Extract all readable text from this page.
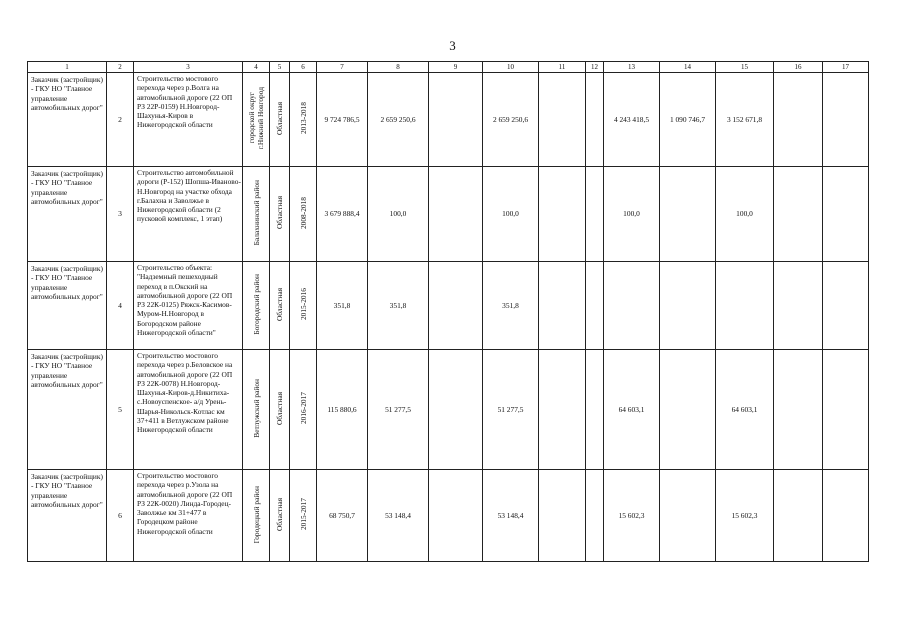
3
1	2	3	4	5	6	7	8	9	10	11	12	13	14	15	16	17
Заказчик (застройщик) - ГКУ НО "Главное управление автомобильных дорог"	2	Строительство мостового перехода через р.Волга на автомобильной дороге (22 ОП РЗ 22Р-0159) Н.Новгород-Шахунья-Киров в Нижегородской области	городской округ г.Нижний Новгород	Областная	2013-2018	9 724 786,5	2 659 250,6		2 659 250,6			4 243 418,5	1 090 746,7	3 152 671,8		
Заказчик (застройщик) - ГКУ НО "Главное управление автомобильных дорог"	3	Строительство автомобильной дороги (Р-152) Шопша-Иваново-Н.Новгород на участке обхода г.Балахна и Заволжье в Нижегородской области (2 пусковой комплекс, 1 этап)	Балахнинский район	Областная	2008-2018	3 679 888,4	100,0		100,0			100,0		100,0		
Заказчик (застройщик) - ГКУ НО "Главное управление автомобильных дорог"	4	Строительство объекта: "Надземный пешеходный переход в п.Окский на автомобильной дороге (22 ОП РЗ 22К-0125) Ряжск-Касимов-Муром-Н.Новгород в Богородском районе Нижегородской области"	Богородский район	Областная	2015-2016	351,8	351,8		351,8							
Заказчик (застройщик) - ГКУ НО "Главное управление автомобильных дорог"	5	Строительство мостового перехода через р.Беловское на автомобильной дороге (22 ОП РЗ 22К-0078) Н.Новгород-Шахунья-Киров-д.Никитиха-с.Новоуспенское- а/д Урень-Шарья-Никольск-Котлас км 37+411 в Ветлужском районе Нижегородской области	Ветлужский район	Областная	2016-2017	115 880,6	51 277,5		51 277,5			64 603,1		64 603,1		
Заказчик (застройщик) - ГКУ НО "Главное управление автомобильных дорог"	6	Строительство мостового перехода через р.Узола на автомобильной дороге (22 ОП РЗ 22К-0020) Линда-Городец-Заволжье км 31+477 в Городецком районе Нижегородской области	Городецкий район	Областная	2015-2017	68 750,7	53 148,4		53 148,4			15 602,3		15 602,3		
